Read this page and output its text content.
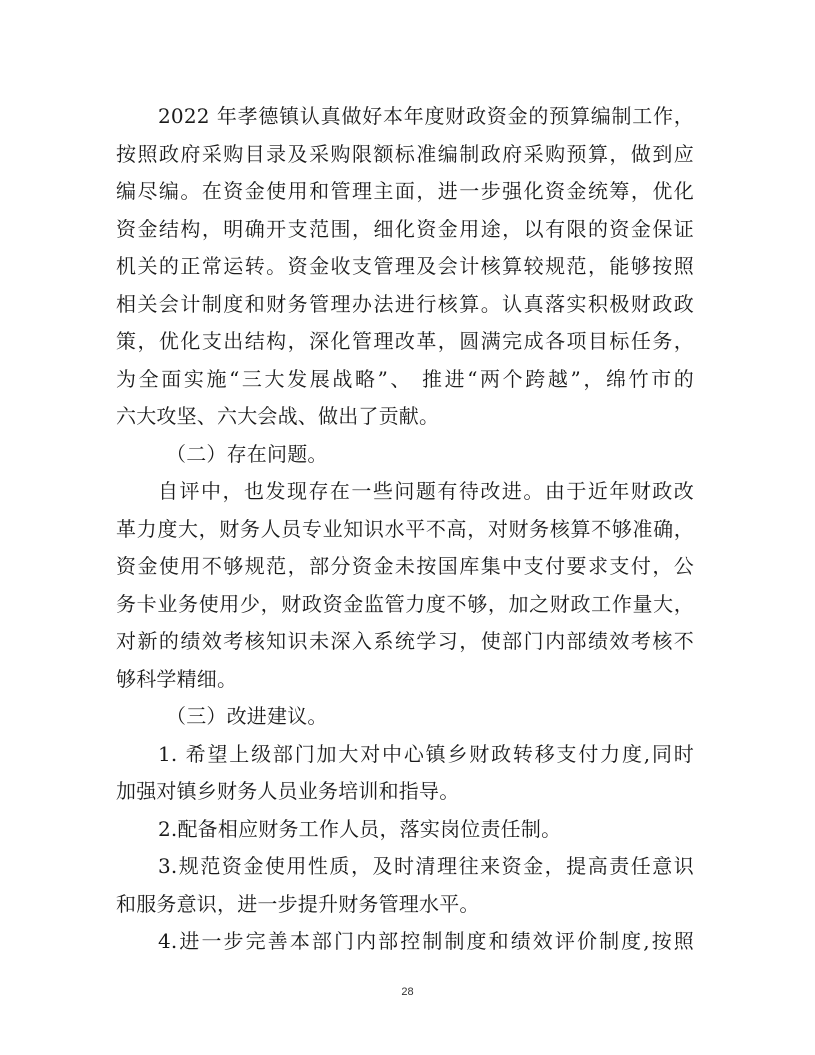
2022 年孝德镇认真做好本年度财政资金的预算编制工作，
按照政府采购目录及采购限额标准编制政府采购预算，做到应
编尽编。在资金使用和管理主面，进一步强化资金统筹，优化
资金结构，明确开支范围，细化资金用途，以有限的资金保证
机关的正常运转。资金收支管理及会计核算较规范，能够按照
相关会计制度和财务管理办法进行核算。认真落实积极财政政
策，优化支出结构，深化管理改革，圆满完成各项目标任务，
为全面实施“三大发展战略”、 推进“两个跨越”，绵竹市的
六大攻坚、六大会战、做出了贡献。
（二）存在问题。
自评中，也发现存在一些问题有待改进。由于近年财政改
革力度大，财务人员专业知识水平不高，对财务核算不够准确，
资金使用不够规范，部分资金未按国库集中支付要求支付，公
务卡业务使用少，财政资金监管力度不够，加之财政工作量大，
对新的绩效考核知识未深入系统学习，使部门内部绩效考核不
够科学精细。
（三）改进建议。
1. 希望上级部门加大对中心镇乡财政转移支付力度,同时
加强对镇乡财务人员业务培训和指导。
2.配备相应财务工作人员，落实岗位责任制。
3.规范资金使用性质，及时清理往来资金，提高责任意识
和服务意识，进一步提升财务管理水平。
4.进一步完善本部门内部控制制度和绩效评价制度,按照
28
